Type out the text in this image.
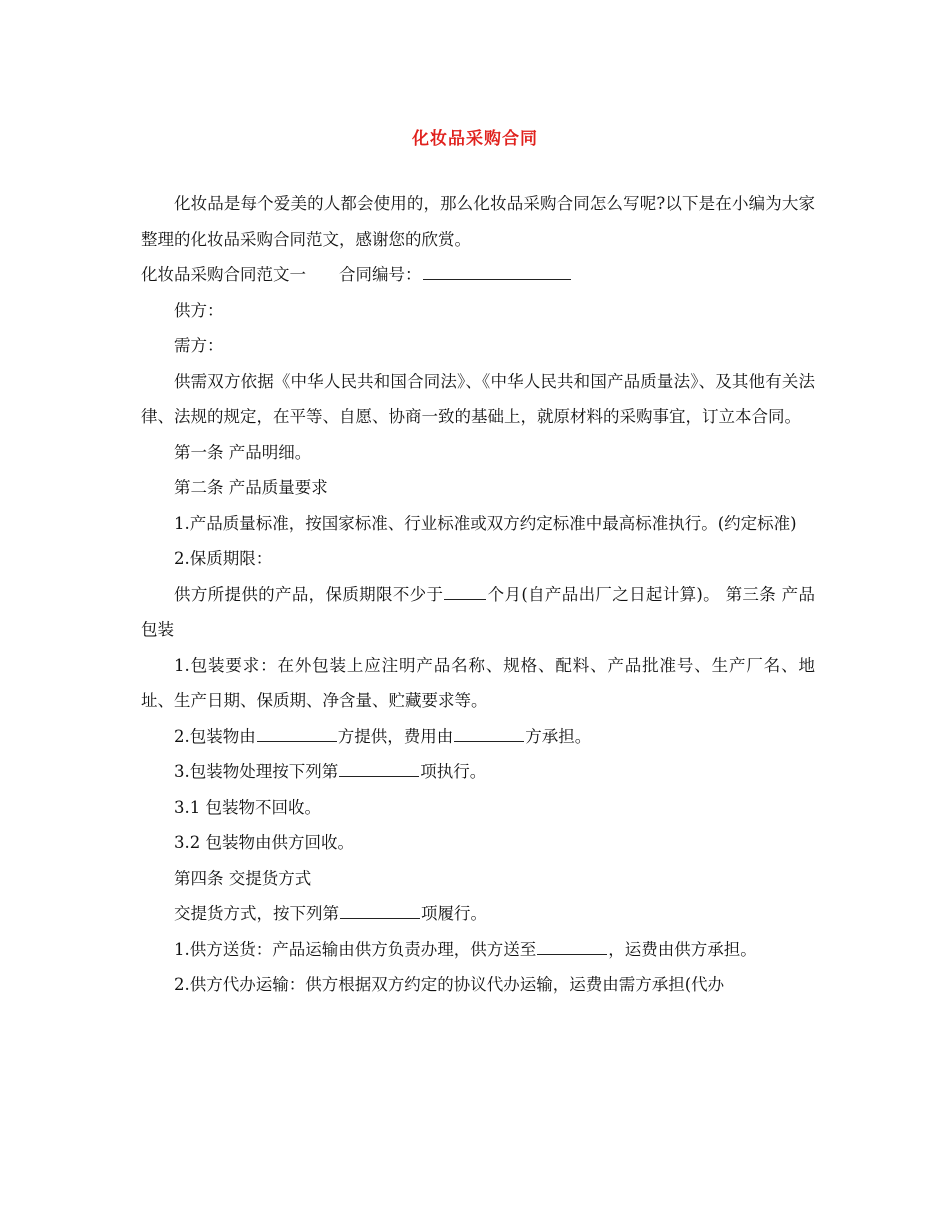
化妆品采购合同

化妆品是每个爱美的人都会使用的，那么化妆品采购合同怎么写呢?以下是在小编为大家整理的化妆品采购合同范文，感谢您的欣赏。

化妆品采购合同范文一　　合同编号：

供方：

需方：

供需双方依据《中华人民共和国合同法》、《中华人民共和国产品质量法》、及其他有关法律、法规的规定，在平等、自愿、协商一致的基础上，就原材料的采购事宜，订立本合同。

第一条 产品明细。

第二条 产品质量要求

1.产品质量标准，按国家标准、行业标准或双方约定标准中最高标准执行。(约定标准)

2.保质期限：

供方所提供的产品，保质期限不少于	个月(自产品出厂之日起计算)。 第三条 产品包装

1.包装要求：在外包装上应注明产品名称、规格、配料、产品批准号、生产厂名、地址、生产日期、保质期、净含量、贮藏要求等。

2.包装物由	方提供，费用由	方承担。

3.包装物处理按下列第	项执行。

3.1 包装物不回收。

3.2 包装物由供方回收。

第四条 交提货方式

交提货方式，按下列第	项履行。

1.供方送货：产品运输由供方负责办理，供方送至	，运费由供方承担。

2.供方代办运输：供方根据双方约定的协议代办运输，运费由需方承担(代办
